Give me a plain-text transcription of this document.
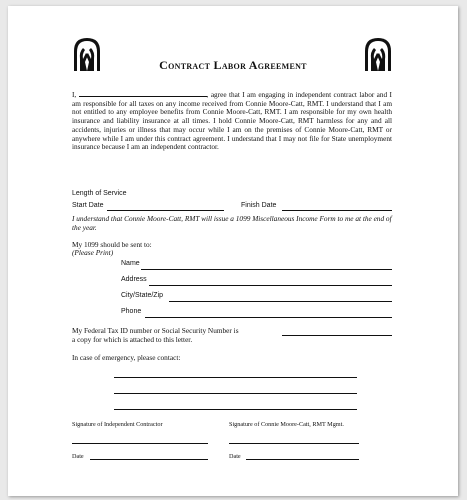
Contract Labor Agreement
I,	, agree that I am engaging in independent contract labor and I am responsible for all taxes on any income received from Connie Moore-Catt, RMT. I understand that I am not entitled to any employee benefits from Connie Moore-Catt, RMT. I am responsible for my own health insurance and liability insurance at all times. I hold Connie Moore-Catt, RMT harmless for any and all accidents, injuries or illness that may occur while I am on the premises of Connie Moore-Catt, RMT or anywhere while I am under this contract agreement. I understand that I may not file for State unemployment insurance because I am an independent contractor.
Length of Service
Start Date	Finish Date
I understand that Connie Moore-Catt, RMT will issue a 1099 Miscellaneous Income Form to me at the end of the year.
My 1099 should be sent to:
(Please Print)
Name
Address
City/State/Zip
Phone
My Federal Tax ID number or Social Security Number is
a copy for which is attached to this letter.
In case of emergency, please contact:
Signature of Independent Contractor	Signature of Connie Moore-Catt, RMT Mgmt.
Date	Date
